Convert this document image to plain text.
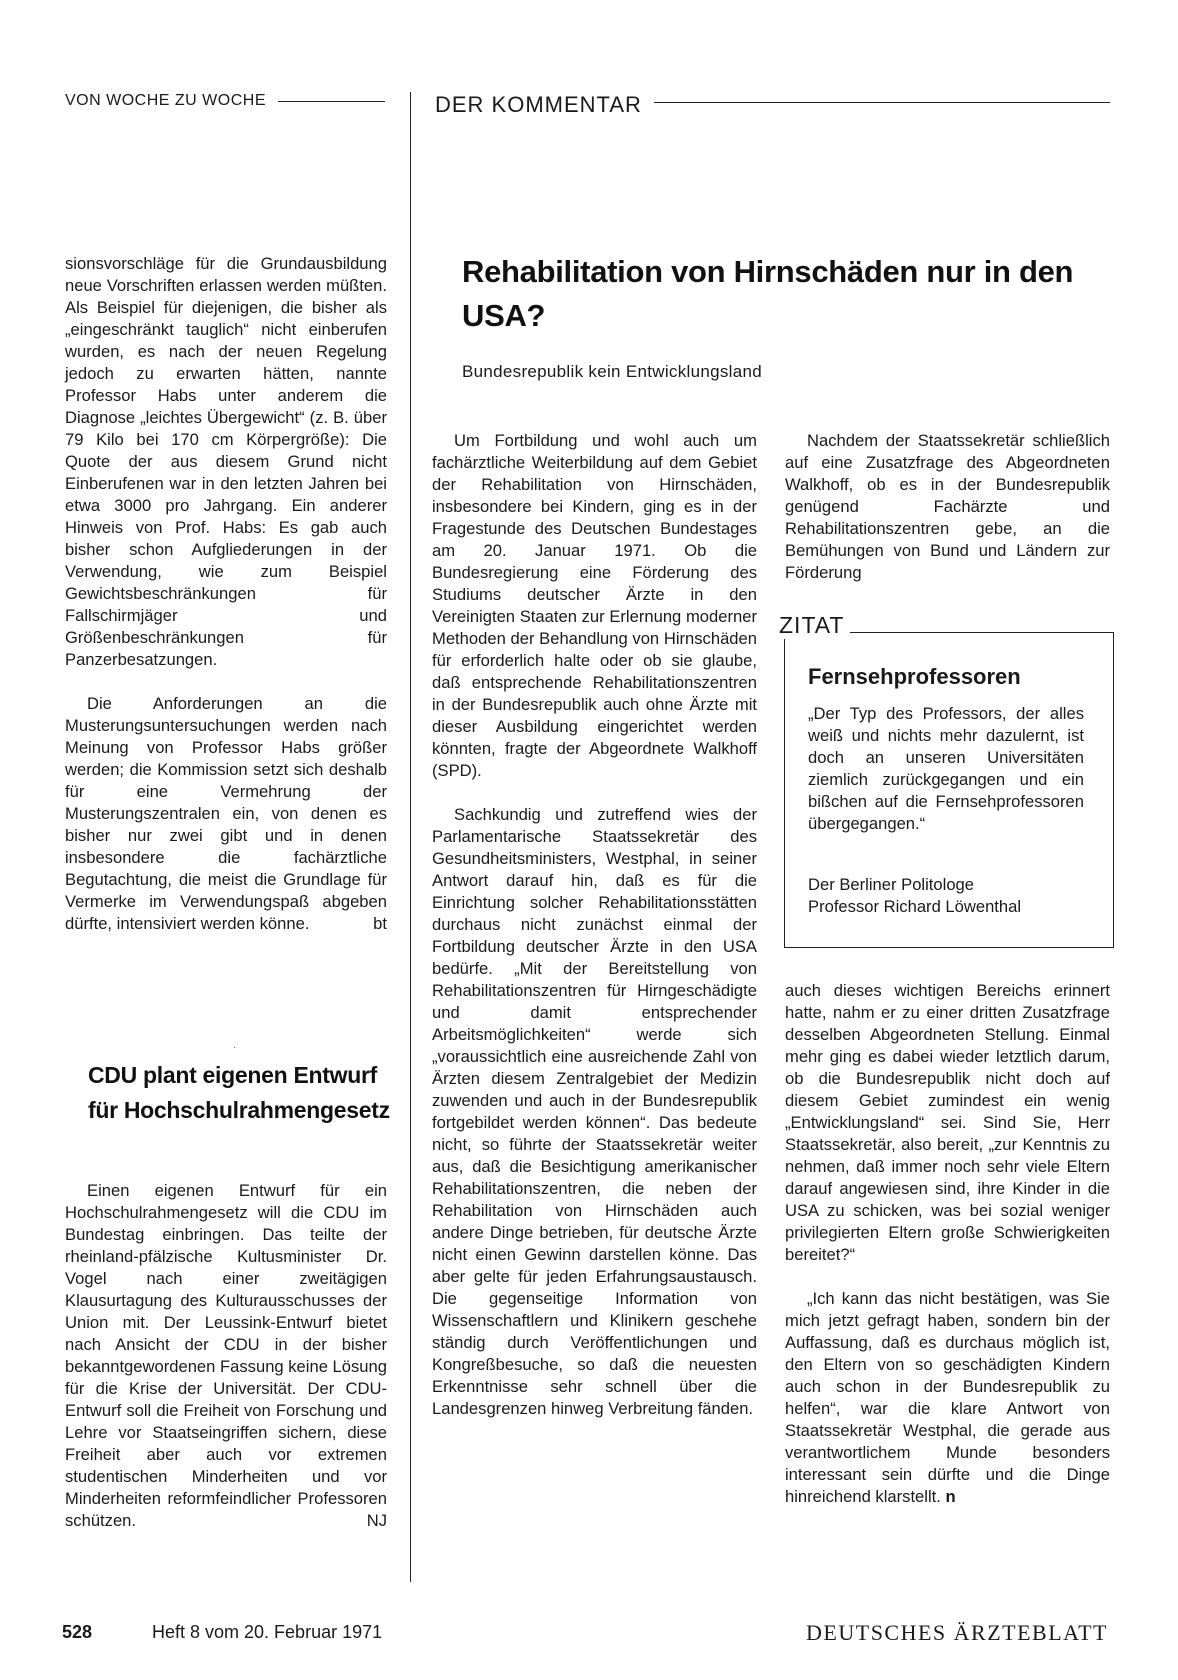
VON WOCHE ZU WOCHE	DER KOMMENTAR

sionsvorschläge für die Grundausbildung neue Vorschriften erlassen werden müßten. Als Beispiel für diejenigen, die bisher als „eingeschränkt tauglich“ nicht einberufen wurden, es nach der neuen Regelung jedoch zu erwarten hätten, nannte Professor Habs unter anderem die Diagnose „leichtes Übergewicht“ (z. B. über 79 Kilo bei 170 cm Körpergröße): Die Quote der aus diesem Grund nicht Einberufenen war in den letzten Jahren bei etwa 3000 pro Jahrgang. Ein anderer Hinweis von Prof. Habs: Es gab auch bisher schon Aufgliederungen in der Verwendung, wie zum Beispiel Gewichtsbeschränkungen für Fallschirmjäger und Größenbeschränkungen für Panzerbesatzungen.

Die Anforderungen an die Musterungsuntersuchungen werden nach Meinung von Professor Habs größer werden; die Kommission setzt sich deshalb für eine Vermehrung der Musterungszentralen ein, von denen es bisher nur zwei gibt und in denen insbesondere die fachärztliche Begutachtung, die meist die Grundlage für Vermerke im Verwendungspaß abgeben dürfte, intensiviert werden könne.	bt

·
CDU plant eigenen Entwurf für Hochschulrahmengesetz

Einen eigenen Entwurf für ein Hochschulrahmengesetz will die CDU im Bundestag einbringen. Das teilte der rheinland-pfälzische Kultusminister Dr. Vogel nach einer zweitägigen Klausurtagung des Kulturausschusses der Union mit. Der Leussink-Entwurf bietet nach Ansicht der CDU in der bisher bekanntgewordenen Fassung keine Lösung für die Krise der Universität. Der CDU-Entwurf soll die Freiheit von Forschung und Lehre vor Staatseingriffen sichern, diese Freiheit aber auch vor extremen studentischen Minderheiten und vor Minderheiten reformfeindlicher Professoren schützen.	NJ

Rehabilitation von Hirnschäden nur in den USA?
Bundesrepublik kein Entwicklungsland

Um Fortbildung und wohl auch um fachärztliche Weiterbildung auf dem Gebiet der Rehabilitation von Hirnschäden, insbesondere bei Kindern, ging es in der Fragestunde des Deutschen Bundestages am 20. Januar 1971. Ob die Bundesregierung eine Förderung des Studiums deutscher Ärzte in den Vereinigten Staaten zur Erlernung moderner Methoden der Behandlung von Hirnschäden für erforderlich halte oder ob sie glaube, daß entsprechende Rehabilitationszentren in der Bundesrepublik auch ohne Ärzte mit dieser Ausbildung eingerichtet werden könnten, fragte der Abgeordnete Walkhoff (SPD).

Sachkundig und zutreffend wies der Parlamentarische Staatssekretär des Gesundheitsministers, Westphal, in seiner Antwort darauf hin, daß es für die Einrichtung solcher Rehabilitationsstätten durchaus nicht zunächst einmal der Fortbildung deutscher Ärzte in den USA bedürfe. „Mit der Bereitstellung von Rehabilitationszentren für Hirngeschädigte und damit entsprechender Arbeitsmöglichkeiten“ werde sich „voraussichtlich eine ausreichende Zahl von Ärzten diesem Zentralgebiet der Medizin zuwenden und auch in der Bundesrepublik fortgebildet werden können“. Das bedeute nicht, so führte der Staatssekretär weiter aus, daß die Besichtigung amerikanischer Rehabilitationszentren, die neben der Rehabilitation von Hirnschäden auch andere Dinge betrieben, für deutsche Ärzte nicht einen Gewinn darstellen könne. Das aber gelte für jeden Erfahrungsaustausch. Die gegenseitige Information von Wissenschaftlern und Klinikern geschehe ständig durch Veröffentlichungen und Kongreßbesuche, so daß die neuesten Erkenntnisse sehr schnell über die Landesgrenzen hinweg Verbreitung fänden.

Nachdem der Staatssekretär schließlich auf eine Zusatzfrage des Abgeordneten Walkhoff, ob es in der Bundesrepublik genügend Fachärzte und Rehabilitationszentren gebe, an die Bemühungen von Bund und Ländern zur Förderung

ZITAT
Fernsehprofessoren
„Der Typ des Professors, der alles weiß und nichts mehr dazulernt, ist doch an unseren Universitäten ziemlich zurückgegangen und ein bißchen auf die Fernsehprofessoren übergegangen.“
Der Berliner Politologe
Professor Richard Löwenthal

auch dieses wichtigen Bereichs erinnert hatte, nahm er zu einer dritten Zusatzfrage desselben Abgeordneten Stellung. Einmal mehr ging es dabei wieder letztlich darum, ob die Bundesrepublik nicht doch auf diesem Gebiet zumindest ein wenig „Entwicklungsland“ sei. Sind Sie, Herr Staatssekretär, also bereit, „zur Kenntnis zu nehmen, daß immer noch sehr viele Eltern darauf angewiesen sind, ihre Kinder in die USA zu schicken, was bei sozial weniger privilegierten Eltern große Schwierigkeiten bereitet?“

„Ich kann das nicht bestätigen, was Sie mich jetzt gefragt haben, sondern bin der Auffassung, daß es durchaus möglich ist, den Eltern von so geschädigten Kindern auch schon in der Bundesrepublik zu helfen“, war die klare Antwort von Staatssekretär Westphal, die gerade aus verantwortlichem Munde besonders interessant sein dürfte und die Dinge hinreichend klarstellt. n

528	Heft 8 vom 20. Februar 1971	DEUTSCHES ÄRZTEBLATT
